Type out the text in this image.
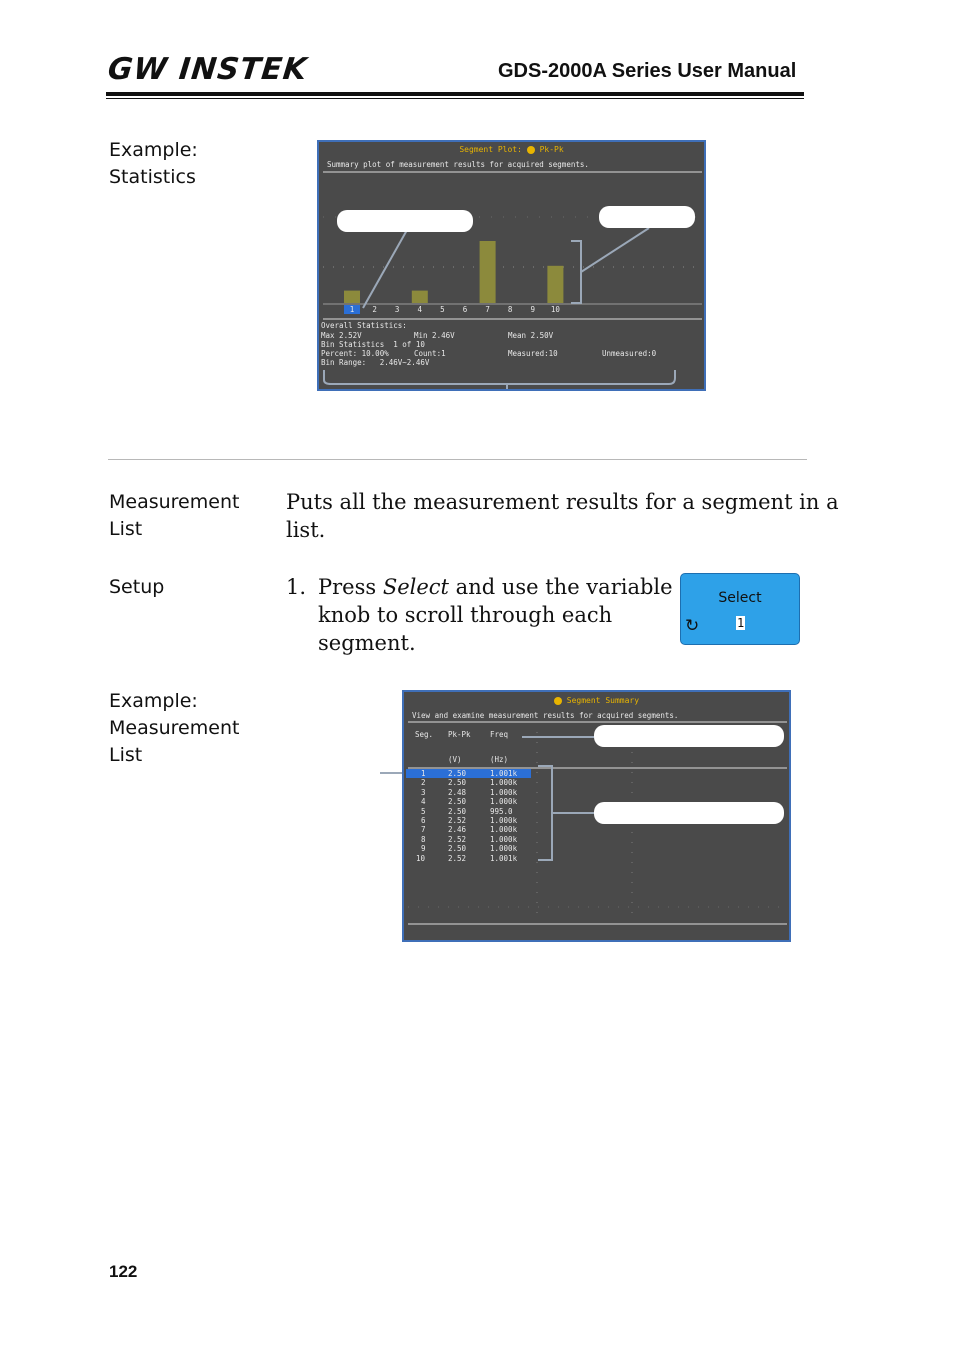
GW INSTEK	GDS-2000A Series User Manual
Example:
Statistics
Segment Plot: Pk-Pk
Summary plot of measurement results for acquired segments.
1	2	3	4	5	6	7	8	9	10
Overall Statistics:
Max 2.52V	Min 2.46V	Mean 2.50V
Bin Statistics  1 of 10
Percent: 10.00%	Count:1	Measured:10	Unmeasured:0
Bin Range:   2.46V~2.46V
Measurement
List
Puts all the measurement results for a segment in a
list.
Setup	1. Press Select and use the variable
knob to scroll through each
segment.
Select
↻	1
Example:
Measurement
List
Segment Summary
View and examine measurement results for acquired segments.
Seg. Pk-Pk	Freq
(V)	(Hz)
1	2.50	1.001k
2	2.50	1.000k
3	2.48	1.000k
4	2.50	1.000k
5	2.50	995.0
6	2.52	1.000k
7	2.46	1.000k
8	2.52	1.000k
9	2.50	1.000k
10	2.52	1.001k
122
